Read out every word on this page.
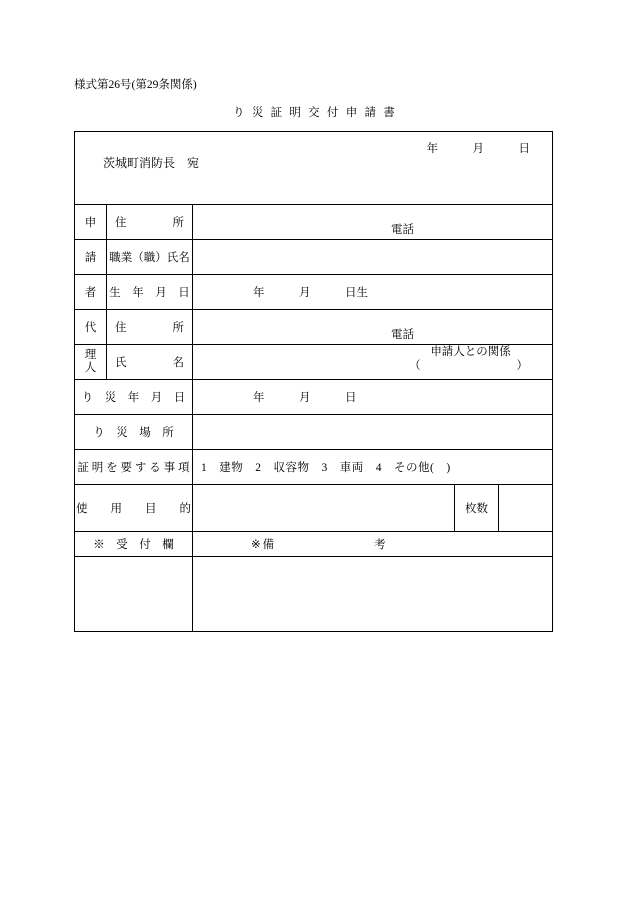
様式第26号(第29条関係)
り 災 証 明 交 付 申 請 書
年　　　月　　　日
茨城町消防長　宛				

申	住　　　　所	電話		

請	職業（職）氏名			
者	生　年　月　日	年　　　月　　　日生		

代	住　　　　所	電話		

理
人	氏　　　　名	
申請人との関係
（　　　　）

り　災　年　月　日		年　　　月　　　日		

り　災　場　所				
証 明 を 要 す る 事 項		1　建物　2　収容物　3　車両　4　その他(　)		

使　　用　　目　　的			枚数	
※　受　付　欄		※ 備 考		
